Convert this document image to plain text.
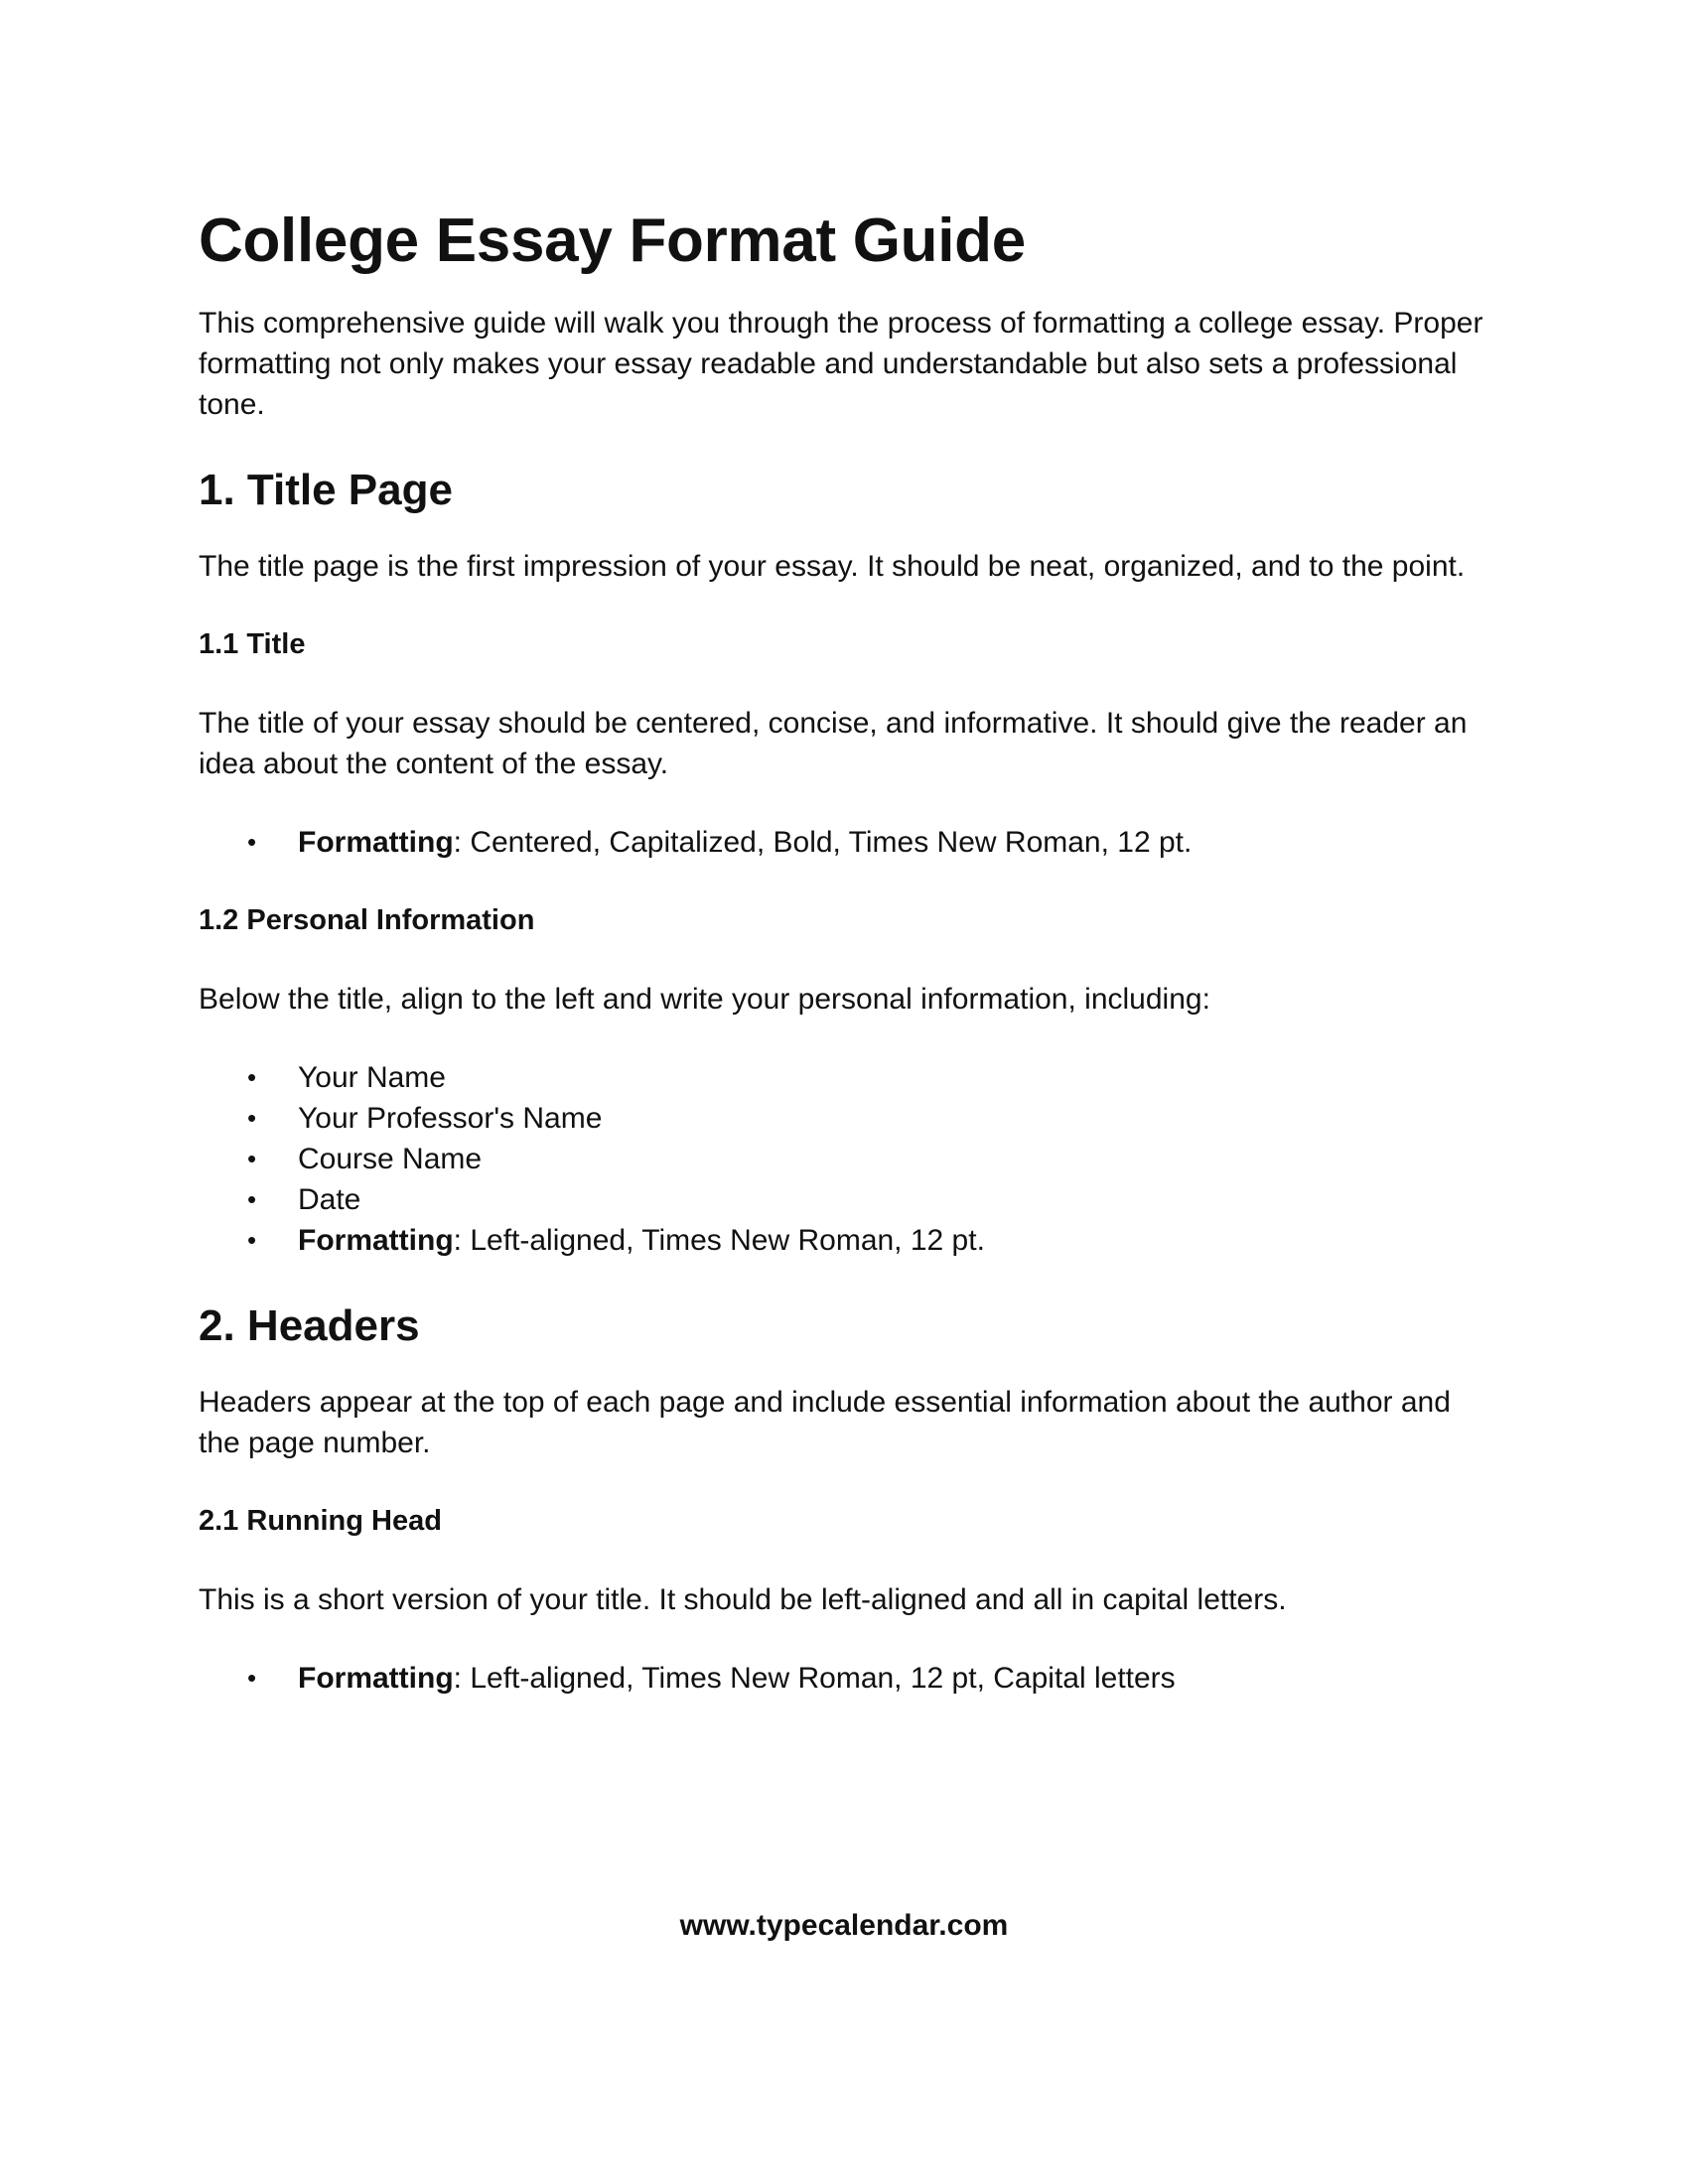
College Essay Format Guide

This comprehensive guide will walk you through the process of formatting a college essay. Proper formatting not only makes your essay readable and understandable but also sets a professional tone.

1. Title Page

The title page is the first impression of your essay. It should be neat, organized, and to the point.

1.1 Title

The title of your essay should be centered, concise, and informative. It should give the reader an idea about the content of the essay.

• Formatting: Centered, Capitalized, Bold, Times New Roman, 12 pt.
1.2 Personal Information

Below the title, align to the left and write your personal information, including:

• Your Name
• Your Professor's Name
• Course Name
• Date
• Formatting: Left-aligned, Times New Roman, 12 pt.
2. Headers

Headers appear at the top of each page and include essential information about the author and the page number.

2.1 Running Head

This is a short version of your title. It should be left-aligned and all in capital letters.

• Formatting: Left-aligned, Times New Roman, 12 pt, Capital letters
www.typecalendar.com
